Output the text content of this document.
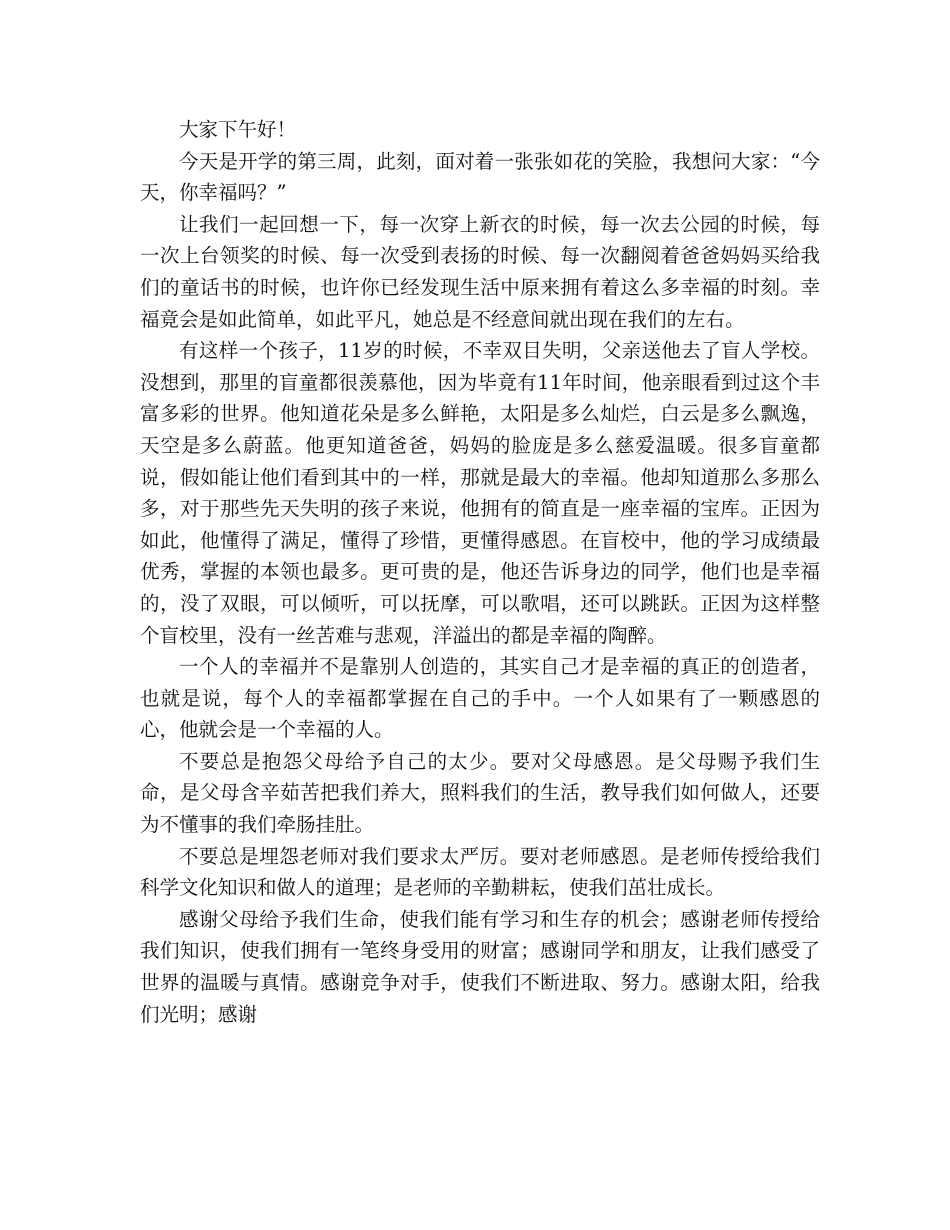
大家下午好！

今天是开学的第三周，此刻，面对着一张张如花的笑脸，我想问大家：“今天，你幸福吗？”

让我们一起回想一下，每一次穿上新衣的时候，每一次去公园的时候，每一次上台领奖的时候、每一次受到表扬的时候、每一次翻阅着爸爸妈妈买给我们的童话书的时候，也许你已经发现生活中原来拥有着这么多幸福的时刻。幸福竟会是如此简单，如此平凡，她总是不经意间就出现在我们的左右。

有这样一个孩子，11岁的时候，不幸双目失明，父亲送他去了盲人学校。没想到，那里的盲童都很羡慕他，因为毕竟有11年时间，他亲眼看到过这个丰富多彩的世界。他知道花朵是多么鲜艳，太阳是多么灿烂，白云是多么飘逸，天空是多么蔚蓝。他更知道爸爸，妈妈的脸庞是多么慈爱温暖。很多盲童都说，假如能让他们看到其中的一样，那就是最大的幸福。他却知道那么多那么多，对于那些先天失明的孩子来说，他拥有的简直是一座幸福的宝库。正因为如此，他懂得了满足，懂得了珍惜，更懂得感恩。在盲校中，他的学习成绩最优秀，掌握的本领也最多。更可贵的是，他还告诉身边的同学，他们也是幸福的，没了双眼，可以倾听，可以抚摩，可以歌唱，还可以跳跃。正因为这样整个盲校里，没有一丝苦难与悲观，洋溢出的都是幸福的陶醉。

一个人的幸福并不是靠别人创造的，其实自己才是幸福的真正的创造者，也就是说，每个人的幸福都掌握在自己的手中。一个人如果有了一颗感恩的心，他就会是一个幸福的人。

不要总是抱怨父母给予自己的太少。要对父母感恩。是父母赐予我们生命，是父母含辛茹苦把我们养大，照料我们的生活，教导我们如何做人，还要为不懂事的我们牵肠挂肚。

不要总是埋怨老师对我们要求太严厉。要对老师感恩。是老师传授给我们科学文化知识和做人的道理；是老师的辛勤耕耘，使我们茁壮成长。

感谢父母给予我们生命，使我们能有学习和生存的机会；感谢老师传授给我们知识，使我们拥有一笔终身受用的财富；感谢同学和朋友，让我们感受了世界的温暖与真情。感谢竞争对手，使我们不断进取、努力。感谢太阳，给我们光明；感谢
